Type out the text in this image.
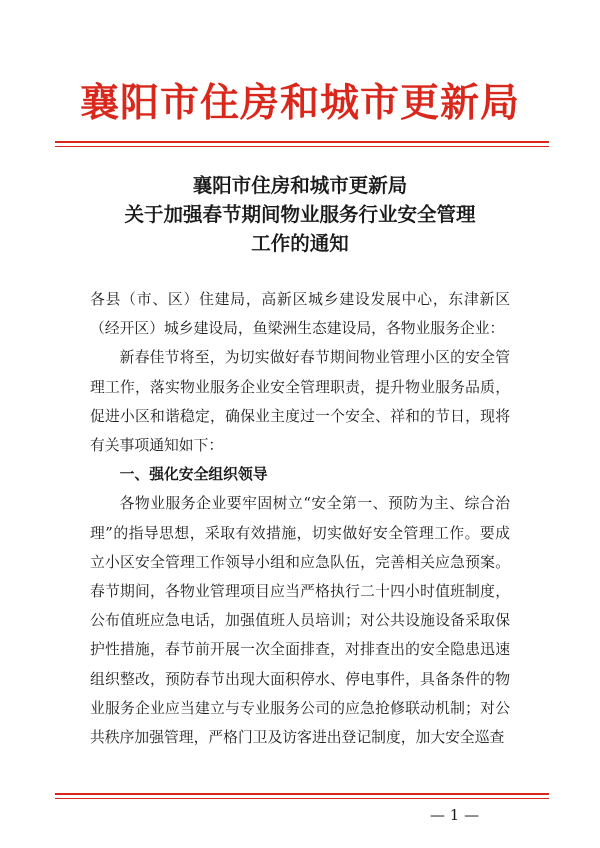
襄阳市住房和城市更新局
襄阳市住房和城市更新局
关于加强春节期间物业服务行业安全管理
工作的通知

各县（市、区）住建局，高新区城乡建设发展中心，东津新区（经开区）城乡建设局，鱼梁洲生态建设局，各物业服务企业：

新春佳节将至，为切实做好春节期间物业管理小区的安全管理工作，落实物业服务企业安全管理职责，提升物业服务品质，促进小区和谐稳定，确保业主度过一个安全、祥和的节日，现将有关事项通知如下：

一、强化安全组织领导

各物业服务企业要牢固树立“安全第一、预防为主、综合治理”的指导思想，采取有效措施，切实做好安全管理工作。要成立小区安全管理工作领导小组和应急队伍，完善相关应急预案。春节期间，各物业管理项目应当严格执行二十四小时值班制度，公布值班应急电话，加强值班人员培训；对公共设施设备采取保护性措施，春节前开展一次全面排查，对排查出的安全隐患迅速组织整改，预防春节出现大面积停水、停电事件，具备条件的物业服务企业应当建立与专业服务公司的应急抢修联动机制；对公共秩序加强管理，严格门卫及访客进出登记制度，加大安全巡查

— 1 —
